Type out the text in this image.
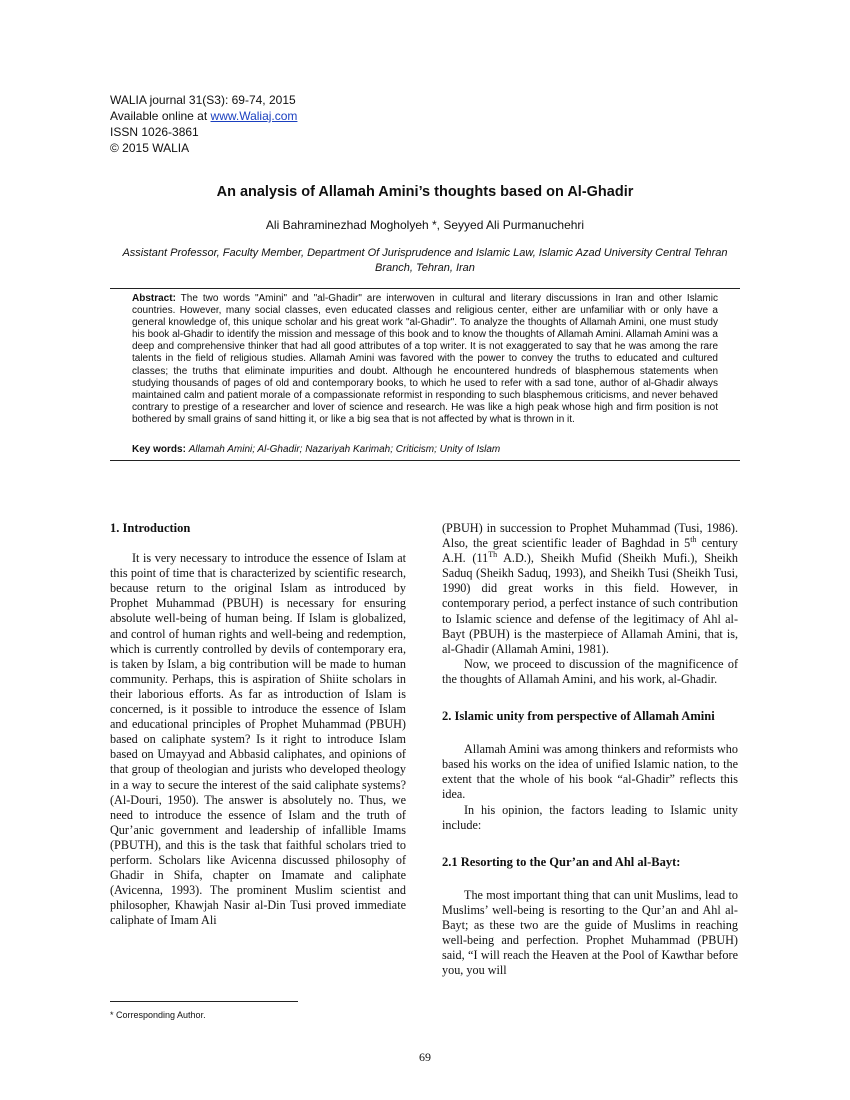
WALIA journal 31(S3): 69-74, 2015
Available online at www.Waliaj.com
ISSN 1026-3861
© 2015 WALIA
An analysis of Allamah Amini’s thoughts based on Al-Ghadir
Ali Bahraminezhad Mogholyeh *, Seyyed Ali Purmanuchehri
Assistant Professor, Faculty Member, Department Of Jurisprudence and Islamic Law, Islamic Azad University Central Tehran Branch, Tehran, Iran
Abstract: The two words "Amini" and "al-Ghadir" are interwoven in cultural and literary discussions in Iran and other Islamic countries. However, many social classes, even educated classes and religious center, either are unfamiliar with or only have a general knowledge of, this unique scholar and his great work "al-Ghadir". To analyze the thoughts of Allamah Amini, one must study his book al-Ghadir to identify the mission and message of this book and to know the thoughts of Allamah Amini. Allamah Amini was a deep and comprehensive thinker that had all good attributes of a top writer. It is not exaggerated to say that he was among the rare talents in the field of religious studies. Allamah Amini was favored with the power to convey the truths to educated and cultured classes; the truths that eliminate impurities and doubt. Although he encountered hundreds of blasphemous statements when studying thousands of pages of old and contemporary books, to which he used to refer with a sad tone, author of al-Ghadir always maintained calm and patient morale of a compassionate reformist in responding to such blasphemous criticisms, and never behaved contrary to prestige of a researcher and lover of science and research. He was like a high peak whose high and firm position is not bothered by small grains of sand hitting it, or like a big sea that is not affected by what is thrown in it.
Key words: Allamah Amini; Al-Ghadir; Nazariyah Karimah; Criticism; Unity of Islam
1. Introduction

It is very necessary to introduce the essence of Islam at this point of time that is characterized by scientific research, because return to the original Islam as introduced by Prophet Muhammad (PBUH) is necessary for ensuring absolute well-being of human being. If Islam is globalized, and control of human rights and well-being and redemption, which is currently controlled by devils of contemporary era, is taken by Islam, a big contribution will be made to human community. Perhaps, this is aspiration of Shiite scholars in their laborious efforts. As far as introduction of Islam is concerned, is it possible to introduce the essence of Islam and educational principles of Prophet Muhammad (PBUH) based on caliphate system? Is it right to introduce Islam based on Umayyad and Abbasid caliphates, and opinions of that group of theologian and jurists who developed theology in a way to secure the interest of the said caliphate systems? (Al-Douri, 1950). The answer is absolutely no. Thus, we need to introduce the essence of Islam and the truth of Qur’anic government and leadership of infallible Imams (PBUTH), and this is the task that faithful scholars tried to perform. Scholars like Avicenna discussed philosophy of Ghadir in Shifa, chapter on Imamate and caliphate (Avicenna, 1993). The prominent Muslim scientist and philosopher, Khawjah Nasir al-Din Tusi proved immediate caliphate of Imam Ali

(PBUH) in succession to Prophet Muhammad (Tusi, 1986). Also, the great scientific leader of Baghdad in 5th century A.H. (11Th A.D.), Sheikh Mufid (Sheikh Mufi.), Sheikh Saduq (Sheikh Saduq, 1993), and Sheikh Tusi (Sheikh Tusi, 1990) did great works in this field. However, in contemporary period, a perfect instance of such contribution to Islamic science and defense of the legitimacy of Ahl al-Bayt (PBUH) is the masterpiece of Allamah Amini, that is, al-Ghadir (Allamah Amini, 1981).

Now, we proceed to discussion of the magnificence of the thoughts of Allamah Amini, and his work, al-Ghadir.

2. Islamic unity from perspective of Allamah Amini

Allamah Amini was among thinkers and reformists who based his works on the idea of unified Islamic nation, to the extent that the whole of his book “al-Ghadir” reflects this idea.

In his opinion, the factors leading to Islamic unity include:

2.1 Resorting to the Qur’an and Ahl al-Bayt:

The most important thing that can unit Muslims, lead to Muslims’ well-being is resorting to the Qur’an and Ahl al-Bayt; as these two are the guide of Muslims in reaching well-being and perfection. Prophet Muhammad (PBUH) said, “I will reach the Heaven at the Pool of Kawthar before you, you will

* Corresponding Author.
69
